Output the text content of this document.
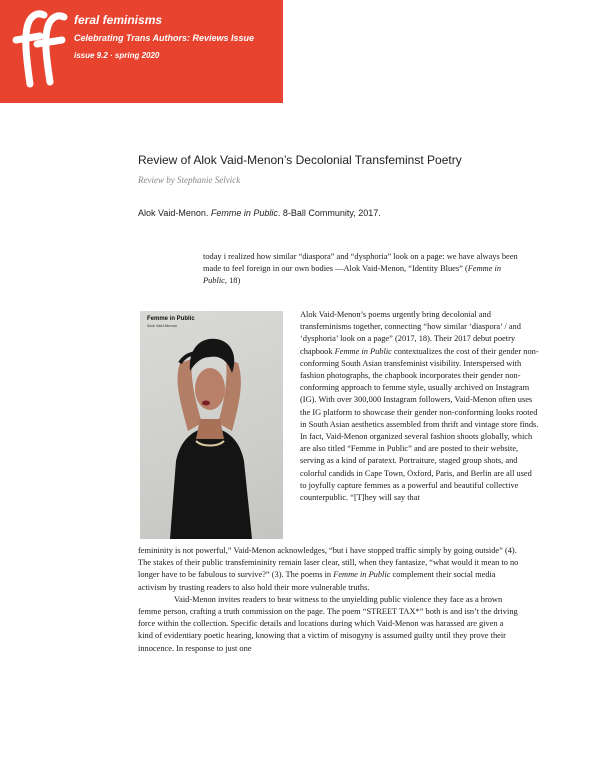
feral feminisms
Celebrating Trans Authors: Reviews Issue
issue 9.2 · spring 2020
Review of Alok Vaid-Menon’s Decolonial Transfeminst Poetry
Review by Stephanie Selvick
Alok Vaid-Menon. Femme in Public. 8-Ball Community, 2017.
today i realized how similar “diaspora” and “dysphoria” look on a page: we have always been made to feel foreign in our own bodies —Alok Vaid-Menon, “Identity Blues” (Femme in Public, 18)
Femme in Public
Alok Vaid-Menon

Alok Vaid-Menon’s poems urgently bring decolonial and transfeminisms together, connecting “how similar ‘diaspora’ / and ‘dysphoria’ look on a page” (2017, 18). Their 2017 debut poetry chapbook Femme in Public contextualizes the cost of their gender non-conforming South Asian transfeminist visibility. Interspersed with fashion photographs, the chapbook incorporates their gender non-conforming approach to femme style, usually archived on Instagram (IG). With over 300,000 Instagram followers, Vaid-Menon often uses the IG platform to showcase their gender non-conforming looks rooted in South Asian aesthetics assembled from thrift and vintage store finds. In fact, Vaid-Menon organized several fashion shoots globally, which are also titled “Femme in Public” and are posted to their website, serving as a kind of paratext. Portraiture, staged group shots, and colorful candids in Cape Town, Oxford, Paris, and Berlin are all used to joyfully capture femmes as a powerful and beautiful collective counterpublic. “[T]hey will say that

femininity is not powerful,” Vaid-Menon acknowledges, “but i have stopped traffic simply by going outside” (4). The stakes of their public transfemininity remain laser clear, still, when they fantasize, “what would it mean to no longer have to be fabulous to survive?” (3). The poems in Femme in Public complement their social media activism by trusting readers to also hold their more vulnerable truths.

Vaid-Menon invites readers to bear witness to the unyielding public violence they face as a brown femme person, crafting a truth commission on the page. The poem “STREET TAX*” both is and isn’t the driving force within the collection. Specific details and locations during which Vaid-Menon was harassed are given a kind of evidentiary poetic hearing, knowing that a victim of misogyny is assumed guilty until they prove their innocence. In response to just one
